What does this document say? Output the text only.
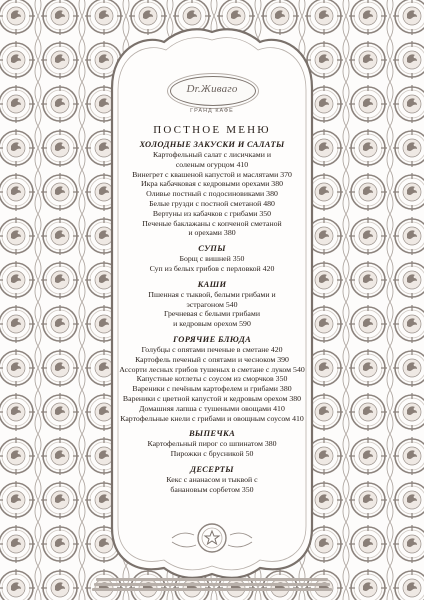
Dr.Живаго
ГРАНД КАФЕ
ПОСТНОЕ МЕНЮ

ХОЛОДНЫЕ ЗАКУСКИ И САЛАТЫ

Картофельный салат с лисичками и
соленым огурцом 410

Винегрет с квашеной капустой и маслятами 370

Икра кабачковая с кедровыми орехами 380

Оливье постный с подосиновиками 380

Белые грузди с постной сметаной 480

Вертуны из кабачков с грибами 350

Печеные баклажаны с копченой сметаной
и орехами 380

СУПЫ

Борщ с вишней 350

Суп из белых грибов с перловкой 420

КАШИ

Пшенная с тыквой, белыми грибами и
эстрагоном 540

Гречневая с белыми грибами
и кедровым орехом 590

ГОРЯЧИЕ БЛЮДА

Голубцы с опятами печеные в сметане 420

Картофель печеный с опятами и чесноком 390

Ассорти лесных грибов тушеных в сметане с луком 540

Капустные котлеты с соусом из сморчков 350

Вареники с печёным картофелем и грибами 380

Вареники с цветной капустой и кедровым орехом 380

Домашняя лапша с тушеными овощами 410

Картофельные кнели с грибами и овощным соусом 410

ВЫПЕЧКА

Картофельный пирог со шпинатом 380

Пирожки с брусникой 50

ДЕСЕРТЫ

Кекс с ананасом и тыквой с
банановым сорбетом 350
